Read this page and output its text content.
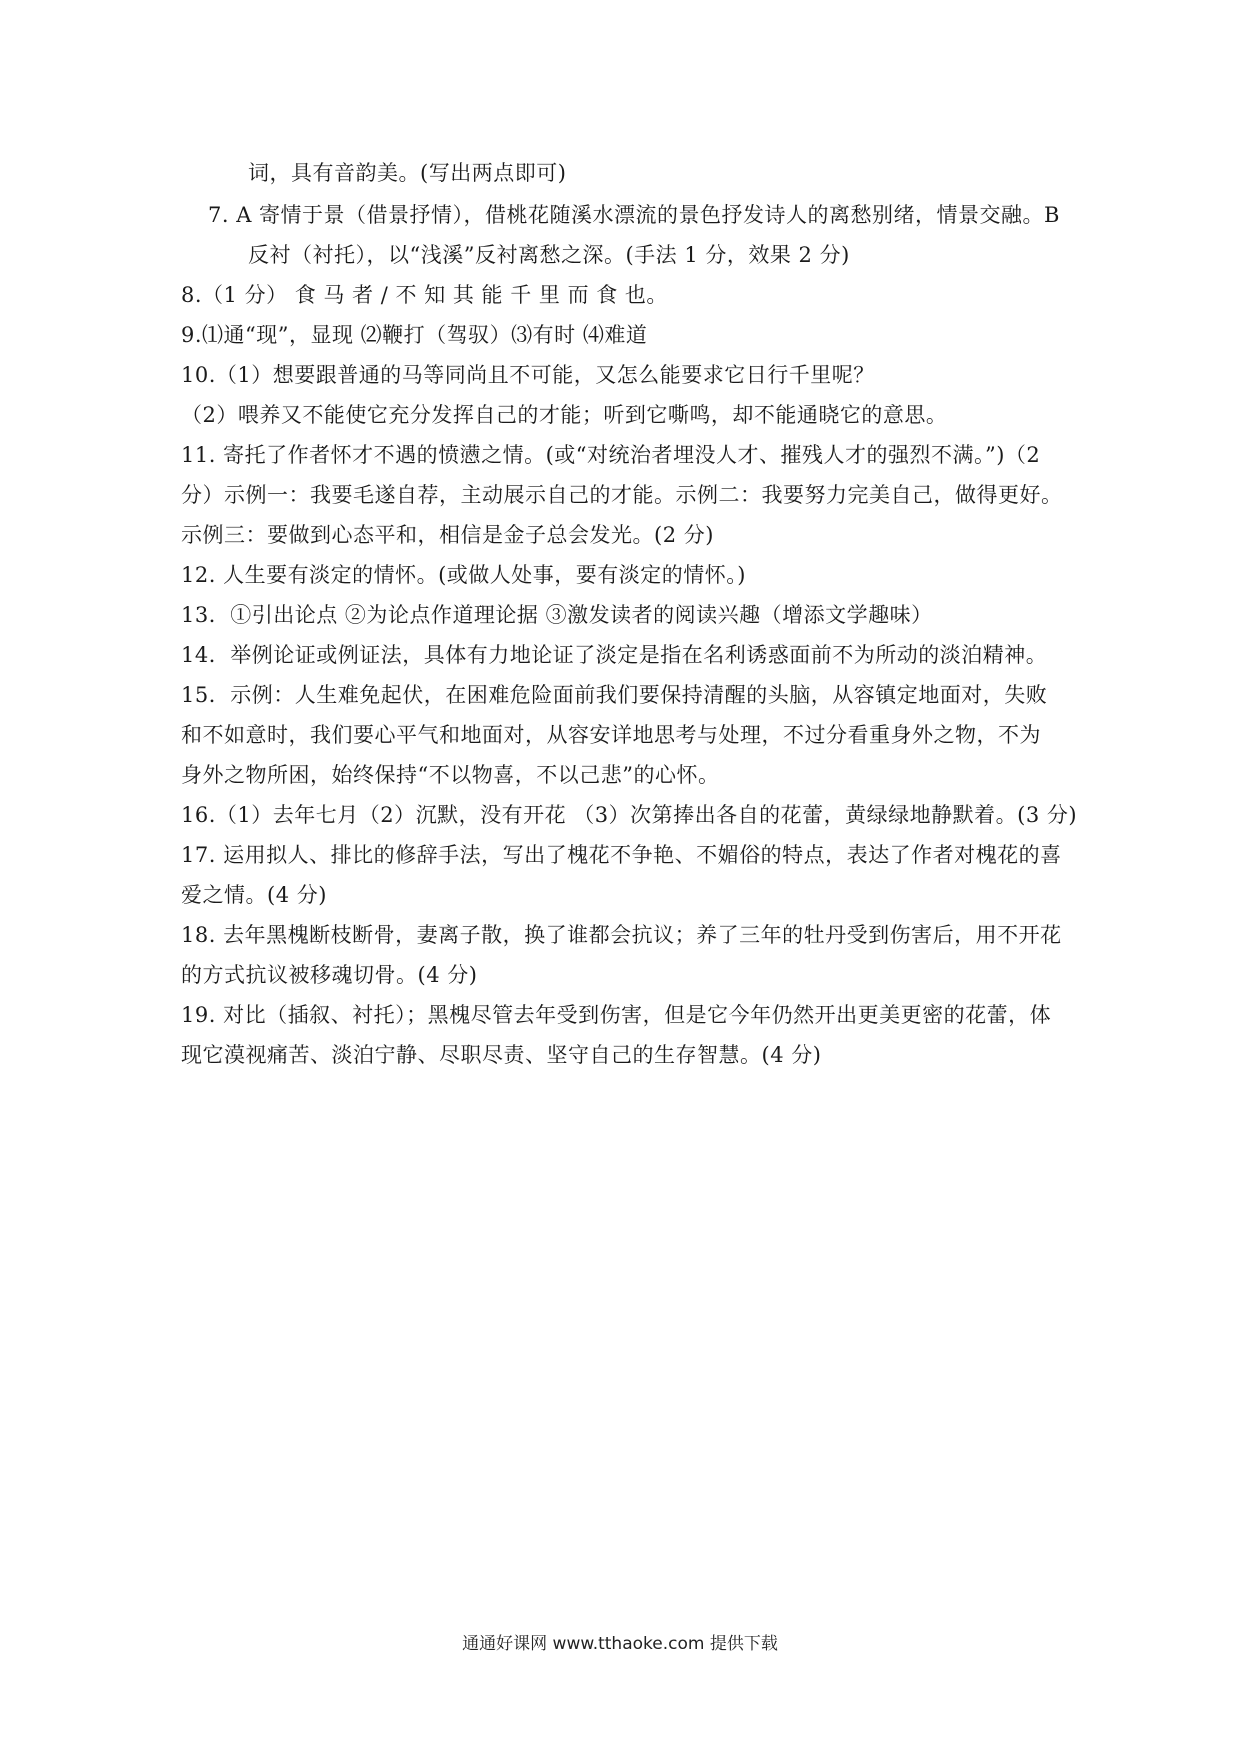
词，具有音韵美。(写出两点即可)
7. A 寄情于景（借景抒情），借桃花随溪水漂流的景色抒发诗人的离愁别绪，情景交融。B
反衬（衬托），以“浅溪”反衬离愁之深。(手法 1 分，效果 2 分)
8.（1 分） 食 马 者 / 不 知 其 能 千 里 而 食 也。
9.⑴通“现”，显现 ⑵鞭打（驾驭）⑶有时 ⑷难道
10.（1）想要跟普通的马等同尚且不可能，又怎么能要求它日行千里呢？
（2）喂养又不能使它充分发挥自己的才能；听到它嘶鸣，却不能通晓它的意思。
11. 寄托了作者怀才不遇的愤懑之情。(或“对统治者埋没人才、摧残人才的强烈不满。”)（2
分）示例一：我要毛遂自荐，主动展示自己的才能。示例二：我要努力完美自己，做得更好。
示例三：要做到心态平和，相信是金子总会发光。(2 分)
12. 人生要有淡定的情怀。(或做人处事，要有淡定的情怀。)
13．①引出论点 ②为论点作道理论据 ③激发读者的阅读兴趣（增添文学趣味）
14．举例论证或例证法，具体有力地论证了淡定是指在名利诱惑面前不为所动的淡泊精神。
15．示例：人生难免起伏，在困难危险面前我们要保持清醒的头脑，从容镇定地面对，失败
和不如意时，我们要心平气和地面对，从容安详地思考与处理，不过分看重身外之物，不为
身外之物所困，始终保持“不以物喜，不以己悲”的心怀。
16.（1）去年七月（2）沉默，没有开花 （3）次第捧出各自的花蕾，黄绿绿地静默着。(3 分)
17. 运用拟人、排比的修辞手法，写出了槐花不争艳、不媚俗的特点，表达了作者对槐花的喜
爱之情。(4 分)
18. 去年黑槐断枝断骨，妻离子散，换了谁都会抗议；养了三年的牡丹受到伤害后，用不开花
的方式抗议被移魂切骨。(4 分)
19. 对比（插叙、衬托）；黑槐尽管去年受到伤害，但是它今年仍然开出更美更密的花蕾，体
现它漠视痛苦、淡泊宁静、尽职尽责、坚守自己的生存智慧。(4 分)
通通好课网 www.tthaoke.com 提供下载
